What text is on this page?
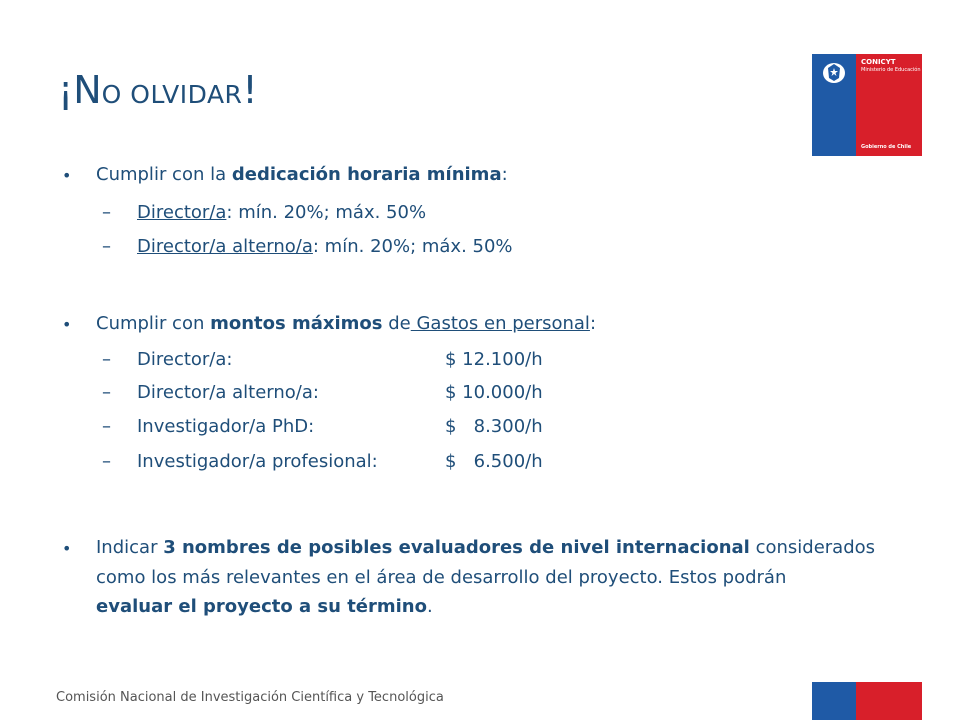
¡NO OLVIDAR!
CONICYT
Ministerio de Educación
Gobierno de Chile
• Cumplir con la dedicación horaria mínima:
– Director/a: mín. 20%; máx. 50%
– Director/a alterno/a: mín. 20%; máx. 50%
• Cumplir con montos máximos de Gastos en personal:
– Director/a:	$ 12.100/h
– Director/a alterno/a:	$ 10.000/h
– Investigador/a PhD:	$   8.300/h
– Investigador/a profesional:	$   6.500/h
• Indicar 3 nombres de posibles evaluadores de nivel internacional considerados
como los más relevantes en el área de desarrollo del proyecto. Estos podrán
evaluar el proyecto a su término.
Comisión Nacional de Investigación Científica y Tecnológica
